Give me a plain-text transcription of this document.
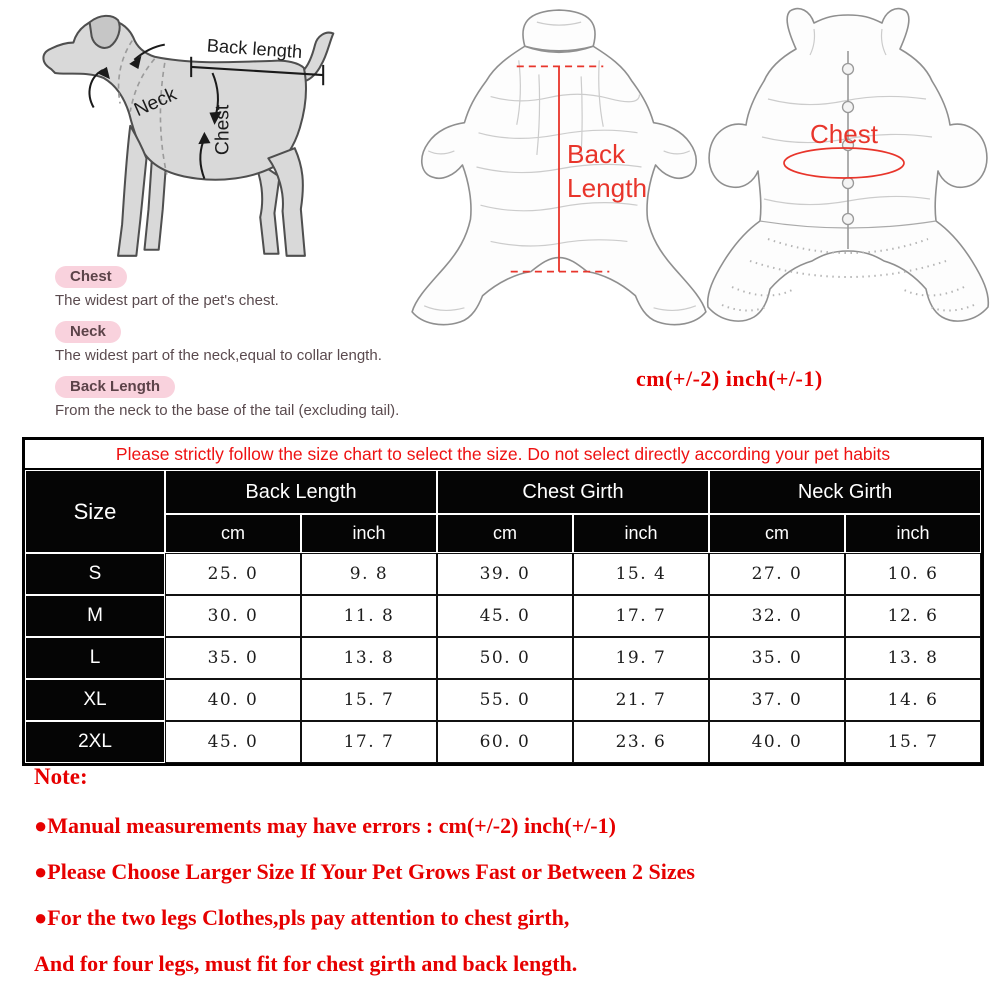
Back length
Neck
Chest	Back
Length
Chest
Chest
The widest part of the pet's chest.
Neck
The widest part of the neck,equal to collar length.
Back Length
From the neck to the base of the tail (excluding tail).
cm(+/-2) inch(+/-1)
Please strictly follow the size chart to select the size. Do not select directly according your pet habits						
Size	Back Length		Chest Girth		Neck Girth	
	cm	inch	cm	inch	cm	inch
S	25. 0	9. 8	39. 0	15. 4	27. 0	10. 6
M	30. 0	11. 8	45. 0	17. 7	32. 0	12. 6
L	35. 0	13. 8	50. 0	19. 7	35. 0	13. 8
XL	40. 0	15. 7	55. 0	21. 7	37. 0	14. 6
2XL	45. 0	17. 7	60. 0	23. 6	40. 0	15. 7

Note:

●Manual measurements may have errors : cm(+/-2) inch(+/-1)

●Please Choose Larger Size If Your Pet Grows Fast or Between 2 Sizes

●For the two legs Clothes,pls pay attention to chest girth,

And for four legs, must fit for chest girth and back length.
